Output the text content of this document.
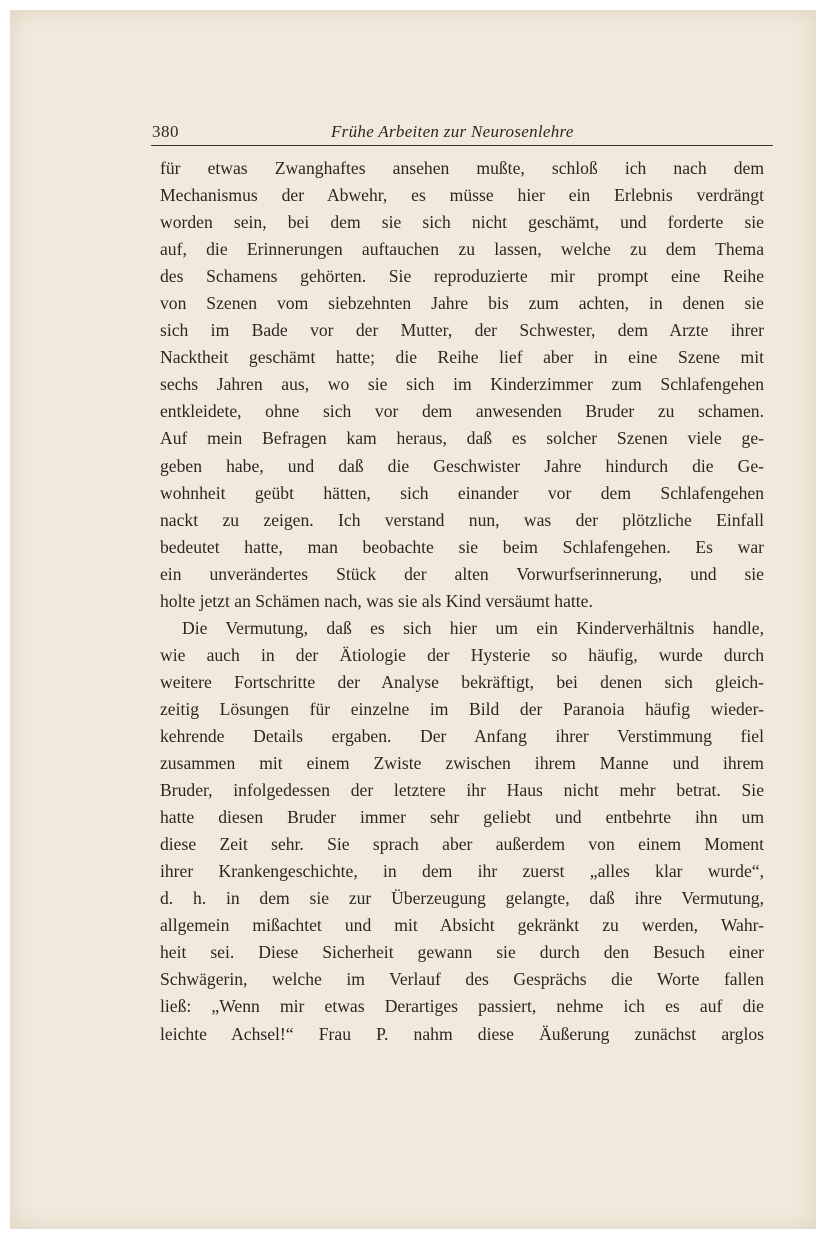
380	Frühe Arbeiten zur Neurosenlehre
für etwas Zwanghaftes ansehen mußte, schloß ich nach dem
Mechanismus der Abwehr, es müsse hier ein Erlebnis verdrängt
worden sein, bei dem sie sich nicht geschämt, und forderte sie
auf, die Erinnerungen auftauchen zu lassen, welche zu dem Thema
des Schamens gehörten. Sie reproduzierte mir prompt eine Reihe
von Szenen vom siebzehnten Jahre bis zum achten, in denen sie
sich im Bade vor der Mutter, der Schwester, dem Arzte ihrer
Nacktheit geschämt hatte; die Reihe lief aber in eine Szene mit
sechs Jahren aus, wo sie sich im Kinderzimmer zum Schlafengehen
entkleidete, ohne sich vor dem anwesenden Bruder zu schamen.
Auf mein Befragen kam heraus, daß es solcher Szenen viele ge-
geben habe, und daß die Geschwister Jahre hindurch die Ge-
wohnheit geübt hätten, sich einander vor dem Schlafengehen
nackt zu zeigen. Ich verstand nun, was der plötzliche Einfall
bedeutet hatte, man beobachte sie beim Schlafengehen. Es war
ein unverändertes Stück der alten Vorwurfserinnerung, und sie
holte jetzt an Schämen nach, was sie als Kind versäumt hatte.
Die Vermutung, daß es sich hier um ein Kinderverhältnis handle,
wie auch in der Ätiologie der Hysterie so häufig, wurde durch
weitere Fortschritte der Analyse bekräftigt, bei denen sich gleich-
zeitig Lösungen für einzelne im Bild der Paranoia häufig wieder-
kehrende Details ergaben. Der Anfang ihrer Verstimmung fiel
zusammen mit einem Zwiste zwischen ihrem Manne und ihrem
Bruder, infolgedessen der letztere ihr Haus nicht mehr betrat. Sie
hatte diesen Bruder immer sehr geliebt und entbehrte ihn um
diese Zeit sehr. Sie sprach aber außerdem von einem Moment
ihrer Krankengeschichte, in dem ihr zuerst „alles klar wurde“,
d. h. in dem sie zur Überzeugung gelangte, daß ihre Vermutung,
allgemein mißachtet und mit Absicht gekränkt zu werden, Wahr-
heit sei. Diese Sicherheit gewann sie durch den Besuch einer
Schwägerin, welche im Verlauf des Gesprächs die Worte fallen
ließ: „Wenn mir etwas Derartiges passiert, nehme ich es auf die
leichte Achsel!“ Frau P. nahm diese Äußerung zunächst arglos
